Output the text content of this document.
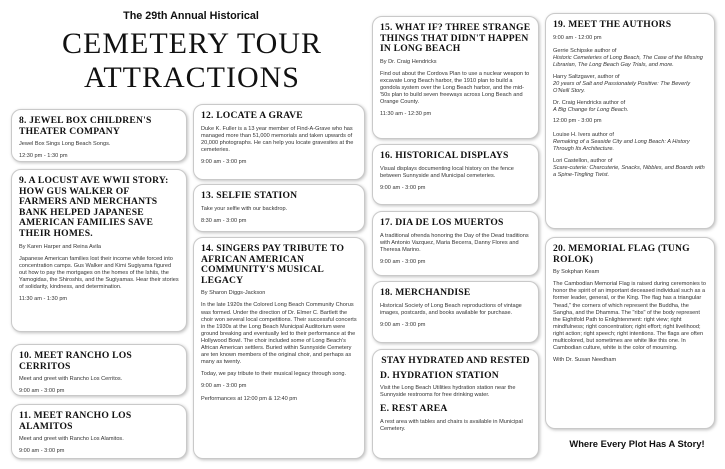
The 29th Annual Historical
CEMETERY TOUR
ATTRACTIONS
8. JEWEL BOX CHILDREN'S THEATER COMPANY
Jewel Box Sings Long Beach Songs.
12:30 pm - 1:30 pm
9. A LOCUST AVE WWII STORY: HOW GUS WALKER OF FARMERS AND MERCHANTS BANK HELPED JAPANESE AMERICAN FAMILIES SAVE THEIR HOMES.
By Karen Harper and Reina Avila
Japanese American families lost their income while forced into concentration camps. Gus Walker and Kimi Sugiyama figured out how to pay the mortgages on the homes of the Ishiis, the Yamogidas, the Shiroshis, and the Sugiyamas. Hear their stories of solidarity, kindness, and determination.
11:30 am - 1:30 pm
10. MEET RANCHO LOS CERRITOS
Meet and greet with Rancho Los Cerritos.
9:00 am - 3:00 pm
11. MEET RANCHO LOS ALAMITOS
Meet and greet with Rancho Los Alamitos.
9:00 am - 3:00 pm
12. LOCATE A GRAVE
Duke K. Fuller is a 13 year member of Find-A-Grave who has managed more than 51,000 memorials and taken upwards of 20,000 photographs. He can help you locate gravesites at the cemeteries.
9:00 am - 3:00 pm
13. SELFIE STATION
Take your selfie with our backdrop.
8:30 am - 3:00 pm
14. SINGERS PAY TRIBUTE TO AFRICAN AMERICAN COMMUNITY'S MUSICAL LEGACY
By Sharon Diggs-Jackson
In the late 1920s the Colored Long Beach Community Chorus was formed. Under the direction of Dr. Elmer C. Bartlett the choir won several local competitions. Their successful concerts in the 1930s at the Long Beach Municipal Auditorium were ground breaking and eventually led to their performance at the Hollywood Bowl. The choir included some of Long Beach's African American settlers. Buried within Sunnyside Cemetery are ten known members of the original choir, and perhaps as many as twenty.
Today, we pay tribute to their musical legacy through song.
9:00 am - 3:00 pm
Performances at 12:00 pm & 12:40 pm
15. WHAT IF? THREE STRANGE THINGS THAT DIDN'T HAPPEN IN LONG BEACH
By Dr. Craig Hendricks
Find out about the Cordova Plan to use a nuclear weapon to excavate Long Beach harbor, the 1910 plan to build a gondola system over the Long Beach harbor, and the mid-'50s plan to build seven freeways across Long Beach and Orange County.
11:30 am - 12:30 pm
16. HISTORICAL DISPLAYS
Visual displays documenting local history on the fence between Sunnyside and Municipal cemeteries.
9:00 am - 3:00 pm
17. DIA DE LOS MUERTOS
A traditional ofrenda honoring the Day of the Dead traditions with Antonio Vazquez, Maria Becerra, Danny Flores and Theresa Marino.
9:00 am - 3:00 pm
18. MERCHANDISE
Historical Society of Long Beach reproductions of vintage images, postcards, and books available for purchase.
9:00 am - 3:00 pm
STAY HYDRATED AND RESTED
D. HYDRATION STATION
Visit the Long Beach Utilities hydration station near the Sunnyside restrooms for free drinking water.
E. REST AREA
A rest area with tables and chairs is available in Municipal Cemetery.
19. MEET THE AUTHORS
9:00 am - 12:00 pm
Gerrie Schipske author of
Historic Cemeteries of Long Beach, The Case of the Missing Librarian, The Long Beach Gay Trials, and more.
Harry Saltzgaver, author of
20 years of Salt and Passionately Positive: The Beverly O'Neill Story.
Dr. Craig Hendricks author of
A Big Change for Long Beach.
12:00 pm - 3:00 pm
Louise H. Ivers author of
Remaking of a Seaside City and Long Beach: A History Through Its Architecture.
Lori Castellon, author of
Scare-cuterie: Charcuterie, Snacks, Nibbles, and Boards with a Spine-Tingling Twist.
20. MEMORIAL FLAG (TUNG ROLOK)
By Sokphan Keam
The Cambodian Memorial Flag is raised during ceremonies to honor the spirit of an important deceased individual such as a former leader, general, or the King. The flag has a triangular "head," the corners of which represent the Buddha, the Sangha, and the Dhamma. The "ribs" of the body represent the Eightfold Path to Enlightenment: right view; right mindfulness; right concentration; right effort; right livelihood; right action; right speech; right intentions. The flags are often multicolored, but sometimes are white like this one. In Cambodian culture, white is the color of mourning.
With Dr. Susan Needham
Where Every Plot Has A Story!
